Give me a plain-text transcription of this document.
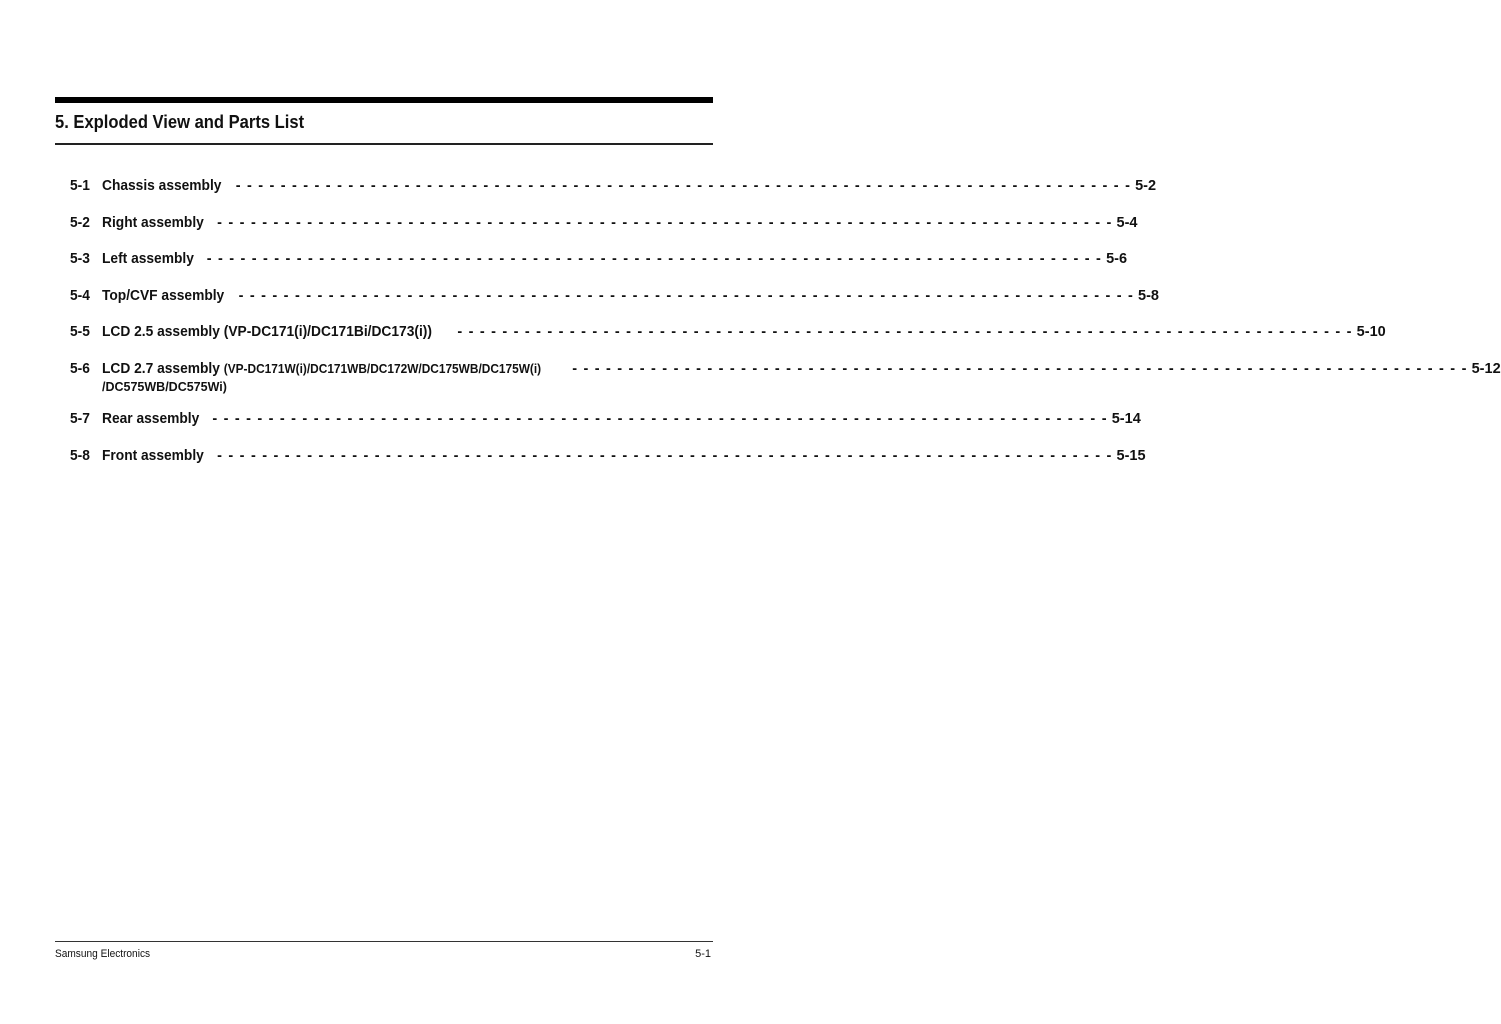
5. Exploded View and Parts List
5-1 Chassis assembly - - - - - - - - - - - - - - - - - - - - - - - - - - - - - - - - - - - - - - - - - - - - - - - - - - - - - - - - - - - - - - - - - - - - - - - - - - - - - - - - 5-2
5-2 Right assembly - - - - - - - - - - - - - - - - - - - - - - - - - - - - - - - - - - - - - - - - - - - - - - - - - - - - - - - - - - - - - - - - - - - - - - - - - - - - - - - - 5-4
5-3 Left assembly - - - - - - - - - - - - - - - - - - - - - - - - - - - - - - - - - - - - - - - - - - - - - - - - - - - - - - - - - - - - - - - - - - - - - - - - - - - - - - - - 5-6
5-4 Top/CVF assembly - - - - - - - - - - - - - - - - - - - - - - - - - - - - - - - - - - - - - - - - - - - - - - - - - - - - - - - - - - - - - - - - - - - - - - - - - - - - - - - - 5-8
5-5 LCD 2.5 assembly (VP-DC171(i)/DC171Bi/DC173(i)) - - - - - - - - - - - - - - - - - - - - - - - - - - - - - - - - - - - - - - - - - - - - - - - - - - - - - - - - - - - - - - - - - - - - - - - - - - - - - - - - 5-10
5-6 LCD 2.7 assembly (VP-DC171W(i)/DC171WB/DC172W/DC175WB/DC175W(i) - - - - - - - - - - - - - - - - - - - - - - - - - - - - - - - - - - - - - - - - - - - - - - - - - - - - - - - - - - - - - - - - - - - - - - - - - - - - - - - - 5-12
/DC575WB/DC575Wi)
5-7 Rear assembly - - - - - - - - - - - - - - - - - - - - - - - - - - - - - - - - - - - - - - - - - - - - - - - - - - - - - - - - - - - - - - - - - - - - - - - - - - - - - - - - 5-14
5-8 Front assembly - - - - - - - - - - - - - - - - - - - - - - - - - - - - - - - - - - - - - - - - - - - - - - - - - - - - - - - - - - - - - - - - - - - - - - - - - - - - - - - - 5-15
Samsung Electronics	5-1
